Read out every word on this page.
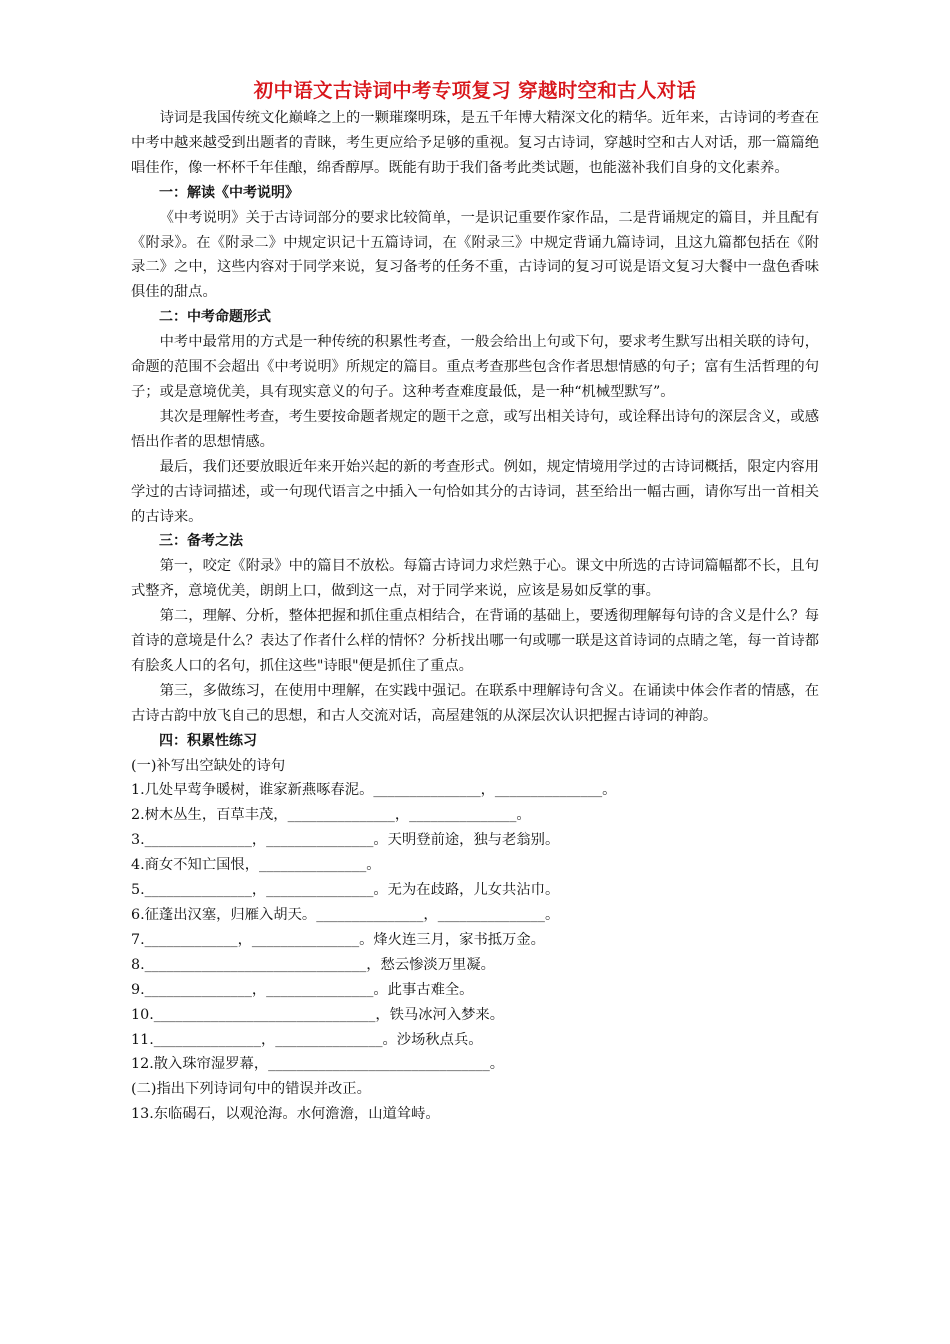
初中语文古诗词中考专项复习 穿越时空和古人对话

诗词是我国传统文化巅峰之上的一颗璀璨明珠，是五千年博大精深文化的精华。近年来，古诗词的考查在中考中越来越受到出题者的青睐，考生更应给予足够的重视。复习古诗词，穿越时空和古人对话，那一篇篇绝唱佳作，像一杯杯千年佳酿，绵香醇厚。既能有助于我们备考此类试题，也能滋补我们自身的文化素养。

一：解读《中考说明》

《中考说明》关于古诗词部分的要求比较简单，一是识记重要作家作品，二是背诵规定的篇目，并且配有《附录》。在《附录二》中规定识记十五篇诗词，在《附录三》中规定背诵九篇诗词，且这九篇都包括在《附录二》之中，这些内容对于同学来说，复习备考的任务不重，古诗词的复习可说是语文复习大餐中一盘色香味俱佳的甜点。

二：中考命题形式

中考中最常用的方式是一种传统的积累性考查，一般会给出上句或下句，要求考生默写出相关联的诗句，命题的范围不会超出《中考说明》所规定的篇目。重点考查那些包含作者思想情感的句子；富有生活哲理的句子；或是意境优美，具有现实意义的句子。这种考查难度最低，是一种“机械型默写”。

其次是理解性考查，考生要按命题者规定的题干之意，或写出相关诗句，或诠释出诗句的深层含义，或感悟出作者的思想情感。

最后，我们还要放眼近年来开始兴起的新的考查形式。例如，规定情境用学过的古诗词概括，限定内容用学过的古诗词描述，或一句现代语言之中插入一句恰如其分的古诗词，甚至给出一幅古画，请你写出一首相关的古诗来。

三：备考之法

第一，咬定《附录》中的篇目不放松。每篇古诗词力求烂熟于心。课文中所选的古诗词篇幅都不长，且句式整齐，意境优美，朗朗上口，做到这一点，对于同学来说，应该是易如反掌的事。

第二，理解、分析，整体把握和抓住重点相结合，在背诵的基础上，要透彻理解每句诗的含义是什么？每首诗的意境是什么？表达了作者什么样的情怀？分析找出哪一句或哪一联是这首诗词的点睛之笔，每一首诗都有脍炙人口的名句，抓住这些"诗眼"便是抓住了重点。

第三，多做练习，在使用中理解，在实践中强记。在联系中理解诗句含义。在诵读中体会作者的情感，在古诗古韵中放飞自己的思想，和古人交流对话，高屋建瓴的从深层次认识把握古诗词的神韵。

四：积累性练习

(一)补写出空缺处的诗句

1.几处早莺争暖树，谁家新燕啄春泥。_______________，_______________。

2.树木丛生，百草丰茂，_______________，_______________。

3._______________，_______________。天明登前途，独与老翁别。

4.商女不知亡国恨，_______________。

5._______________，_______________。无为在歧路，儿女共沾巾。

6.征蓬出汉塞，归雁入胡天。_______________，_______________。

7._____________，_______________。烽火连三月，家书抵万金。

8._______________________________，愁云惨淡万里凝。

9._______________，_______________。此事古难全。

10._______________________________，铁马冰河入梦来。

11._______________，_______________。沙场秋点兵。

12.散入珠帘湿罗幕，_______________________________。

(二)指出下列诗词句中的错误并改正。

13.东临碣石，以观沧海。水何澹澹，山道耸峙。
